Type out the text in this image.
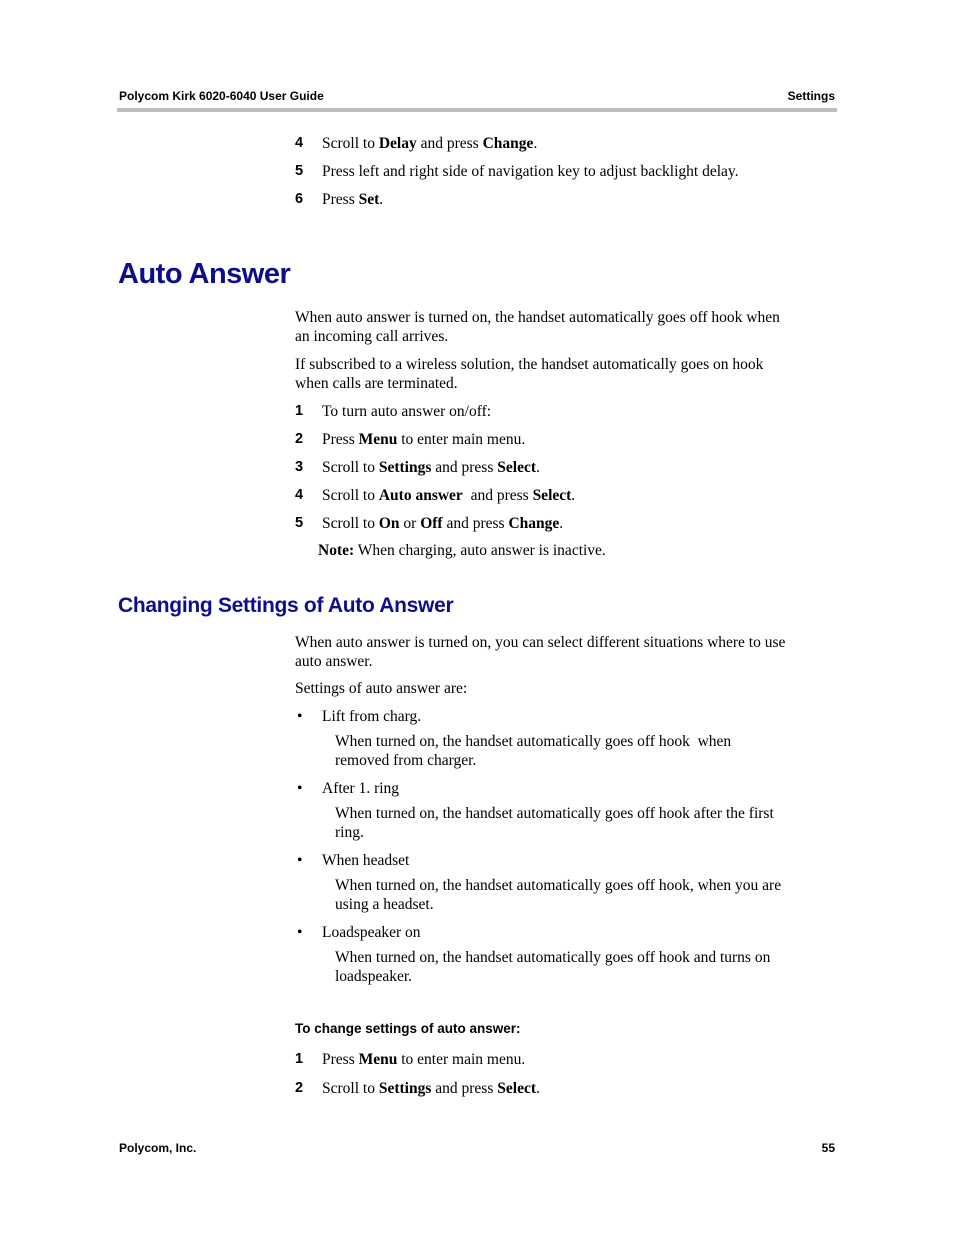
Polycom Kirk 6020-6040 User Guide	Settings
4 Scroll to Delay and press Change.
5 Press left and right side of navigation key to adjust backlight delay.
6 Press Set.
Auto Answer
When auto answer is turned on, the handset automatically goes off hook when
an incoming call arrives.
If subscribed to a wireless solution, the handset automatically goes on hook
when calls are terminated.
1 To turn auto answer on/off:
2 Press Menu to enter main menu.
3 Scroll to Settings and press Select.
4 Scroll to Auto answer  and press Select.
5 Scroll to On or Off and press Change.
Note: When charging, auto answer is inactive.
Changing Settings of Auto Answer
When auto answer is turned on, you can select different situations where to use
auto answer.
Settings of auto answer are:
• Lift from charg.
When turned on, the handset automatically goes off hook  when
removed from charger.
• After 1. ring
When turned on, the handset automatically goes off hook after the first
ring.
• When headset
When turned on, the handset automatically goes off hook, when you are
using a headset.
• Loadspeaker on
When turned on, the handset automatically goes off hook and turns on
loadspeaker.
To change settings of auto answer:
1 Press Menu to enter main menu.
2 Scroll to Settings and press Select.
Polycom, Inc.	55
